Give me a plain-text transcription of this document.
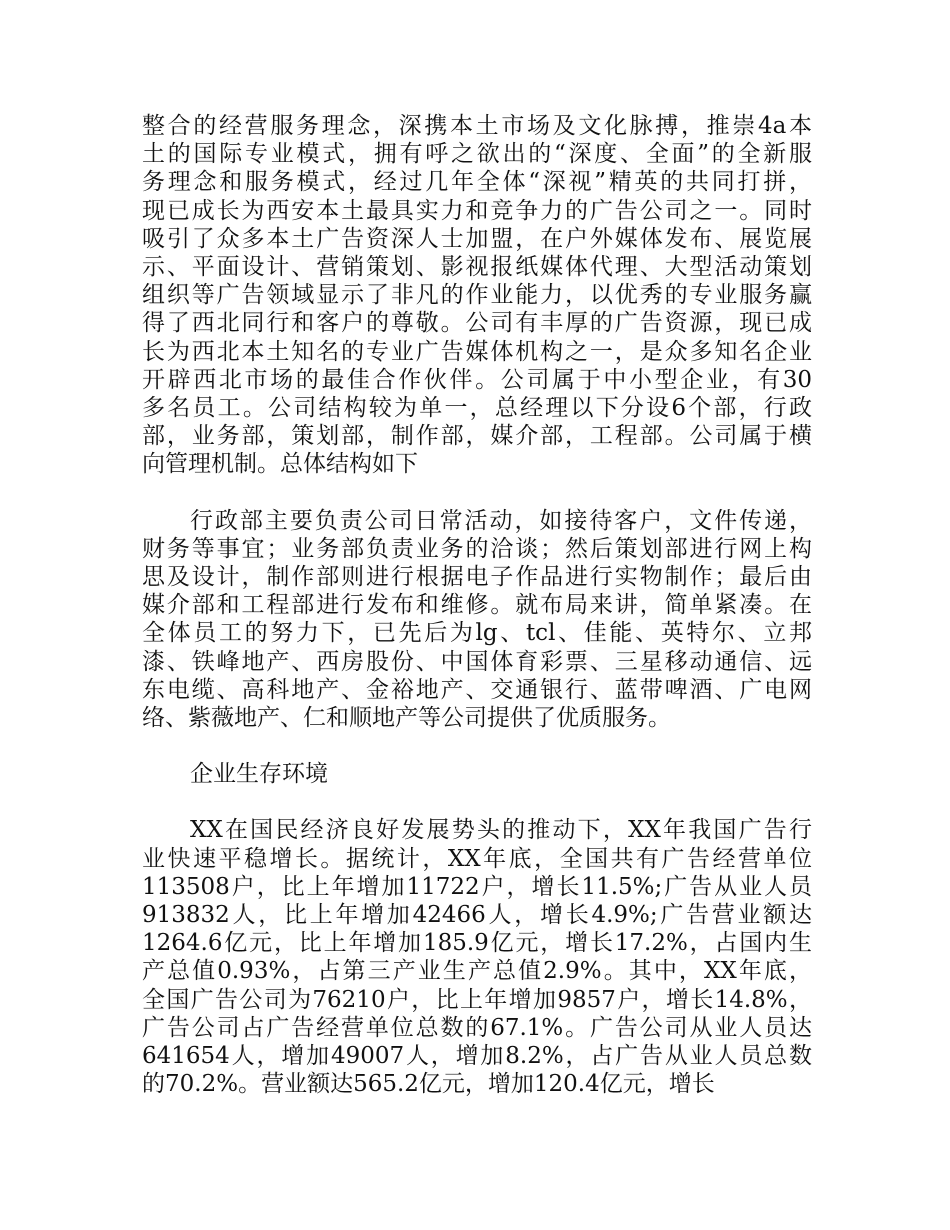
整合的经营服务理念，深携本土市场及文化脉搏，推崇4a本
土的国际专业模式，拥有呼之欲出的“深度、全面”的全新服
务理念和服务模式，经过几年全体“深视”精英的共同打拼，
现已成长为西安本土最具实力和竞争力的广告公司之一。同时
吸引了众多本土广告资深人士加盟，在户外媒体发布、展览展
示、平面设计、营销策划、影视报纸媒体代理、大型活动策划
组织等广告领域显示了非凡的作业能力，以优秀的专业服务赢
得了西北同行和客户的尊敬。公司有丰厚的广告资源，现已成
长为西北本土知名的专业广告媒体机构之一，是众多知名企业
开辟西北市场的最佳合作伙伴。公司属于中小型企业，有30
多名员工。公司结构较为单一，总经理以下分设6个部，行政
部，业务部，策划部，制作部，媒介部，工程部。公司属于横
向管理机制。总体结构如下
行政部主要负责公司日常活动，如接待客户，文件传递，
财务等事宜；业务部负责业务的洽谈；然后策划部进行网上构
思及设计，制作部则进行根据电子作品进行实物制作；最后由
媒介部和工程部进行发布和维修。就布局来讲，简单紧凑。在
全体员工的努力下，已先后为lg、tcl、佳能、英特尔、立邦
漆、铁峰地产、西房股份、中国体育彩票、三星移动通信、远
东电缆、高科地产、金裕地产、交通银行、蓝带啤酒、广电网
络、紫薇地产、仁和顺地产等公司提供了优质服务。
企业生存环境
XX在国民经济良好发展势头的推动下，XX年我国广告行
业快速平稳增长。据统计，XX年底，全国共有广告经营单位
113508户，比上年增加11722户，增长11.5%;广告从业人员
913832人，比上年增加42466人，增长4.9%;广告营业额达
1264.6亿元，比上年增加185.9亿元，增长17.2%，占国内生
产总值0.93%，占第三产业生产总值2.9%。其中，XX年底，
全国广告公司为76210户，比上年增加9857户，增长14.8%，
广告公司占广告经营单位总数的67.1%。广告公司从业人员达
641654人，增加49007人，增加8.2%，占广告从业人员总数
的70.2%。营业额达565.2亿元，增加120.4亿元，增长
